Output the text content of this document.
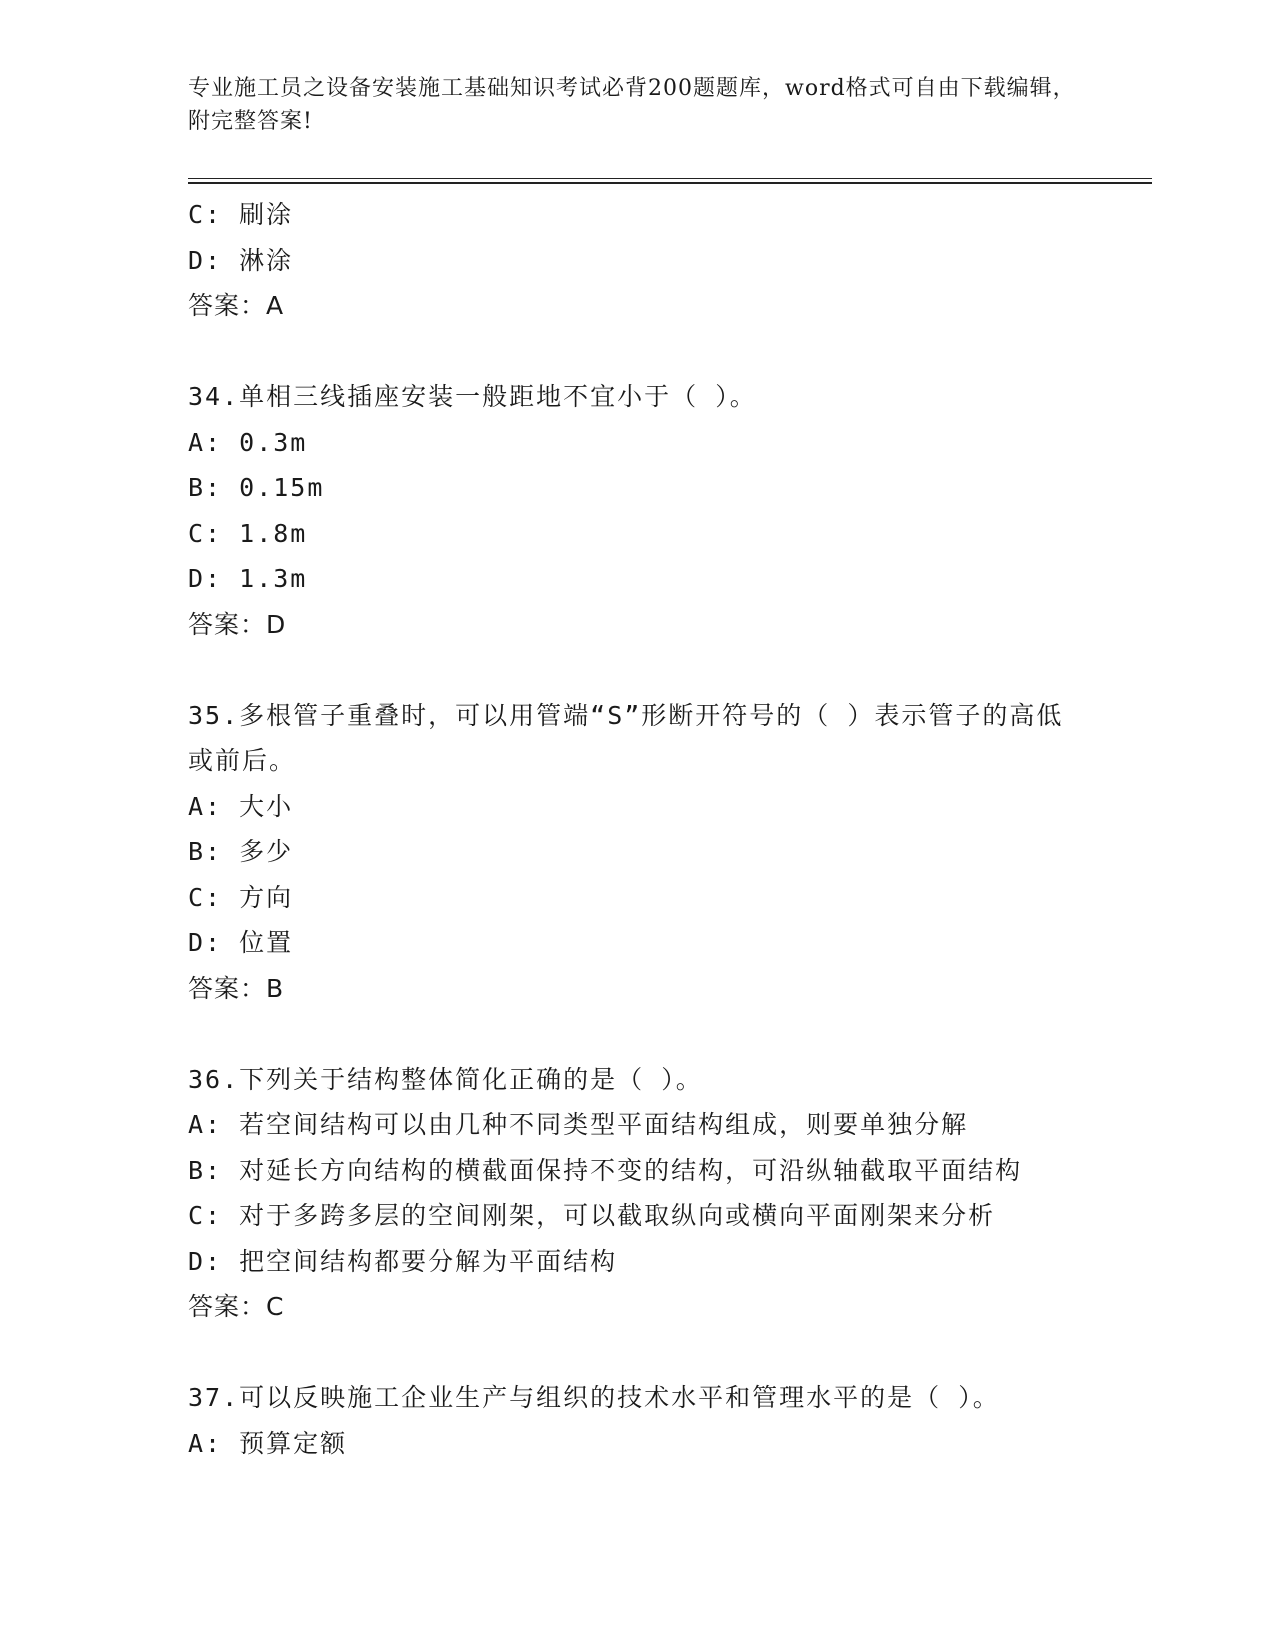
专业施工员之设备安装施工基础知识考试必背200题题库，word格式可自由下载编辑，附完整答案!
C: 刷涂
D: 淋涂
答案：A
34.单相三线插座安装一般距地不宜小于（ ）。
A: 0.3m
B: 0.15m
C: 1.8m
D: 1.3m
答案：D
35.多根管子重叠时，可以用管端“S”形断开符号的（ ）表示管子的高低或前后。
A: 大小
B: 多少
C: 方向
D: 位置
答案：B
36.下列关于结构整体简化正确的是（ ）。
A: 若空间结构可以由几种不同类型平面结构组成，则要单独分解
B: 对延长方向结构的横截面保持不变的结构，可沿纵轴截取平面结构
C: 对于多跨多层的空间刚架，可以截取纵向或横向平面刚架来分析
D: 把空间结构都要分解为平面结构
答案：C
37.可以反映施工企业生产与组织的技术水平和管理水平的是（ ）。
A: 预算定额
